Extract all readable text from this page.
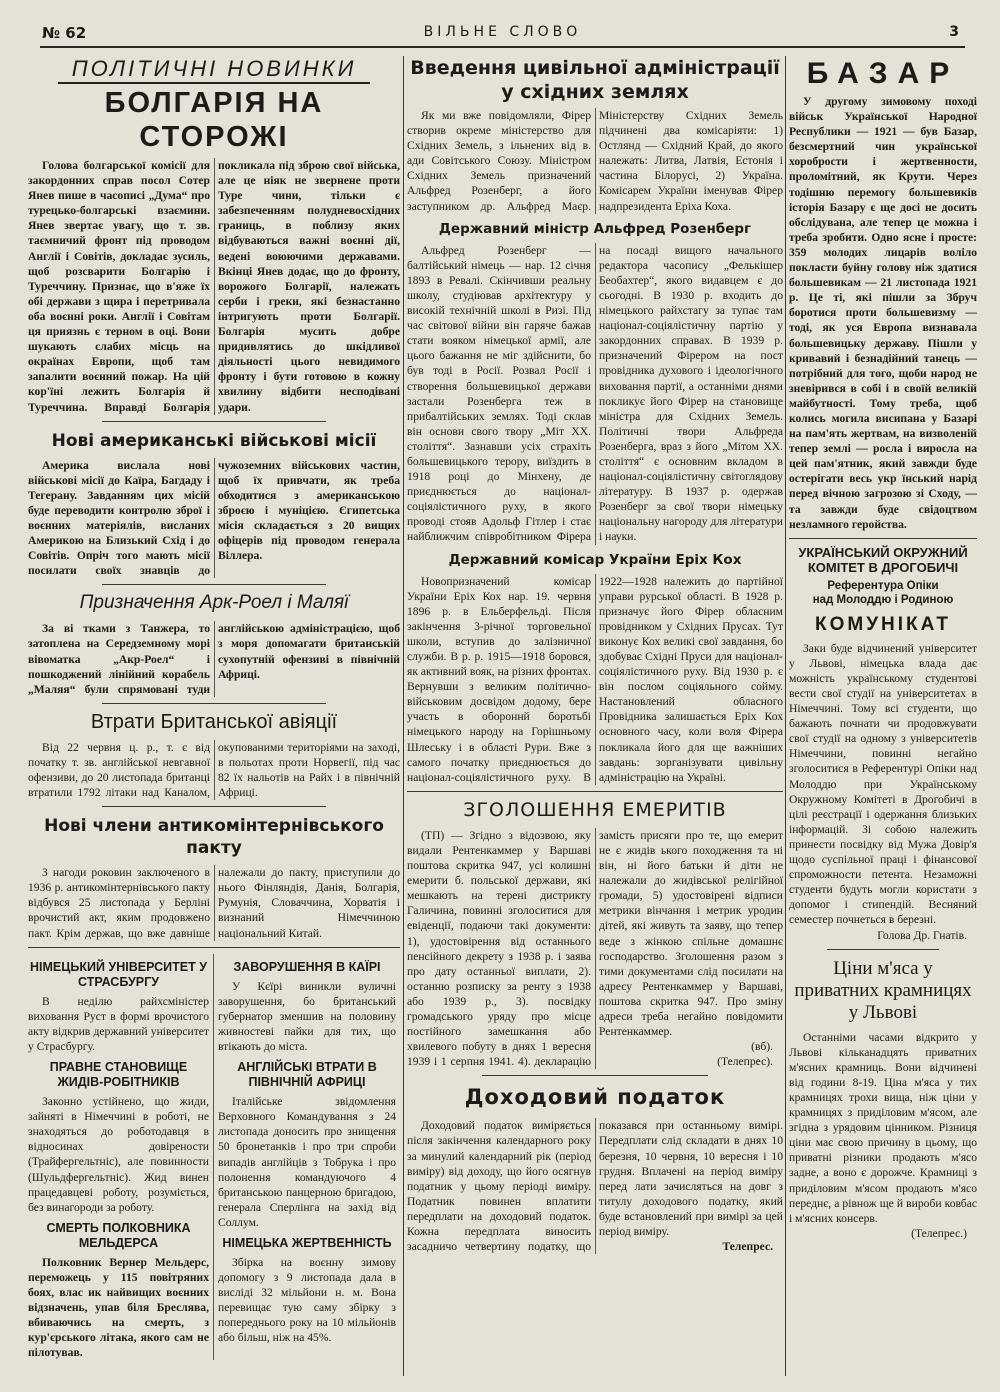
№ 62	ВІЛЬНЕ СЛОВО	3
ПОЛІТИЧНІ НОВИНКИ
БОЛГАРІЯ НА СТОРОЖІ

Голова болгарської комісії для закордонних справ посол Сотер Янев пише в часописі „Дума“ про турецько-болгарські взаємини. Янев звертає увагу, що т. зв. таємничий фронт під проводом Англії і Совітів, докладає зусиль, щоб розсварити Болгарію і Туреччину. Признає, що в'яже їх обі держави з щира і перетривала оба воєнні роки. Англії і Совітам ця приязнь є терном в оці. Вони шукають слабих місць на окраїнах Европи, щоб там запалити воєнний пожар. На цій кор'їні лежить Болгарія й Туреччина. Вправді Болгарія покликала під зброю свої війська, але це ніяк не звернене проти Туре чини, тільки є забезпеченням полудневосхідних границь, в поблизу яких відбуваються важні воєнні дії, ведені воюючими державами. Вкінці Янев додає, що до фронту, ворожого Болгарії, належать серби і греки, які безнастанно інтригують проти Болгарії. Болгарія мусить добре придивлятись до шкідливої діяльності цього невидимого фронту і бути готовою в кожну хвилину відбити несподівані удари.

Нові американські військові місії

Америка вислала нові військові місії до Каїра, Багдаду і Тегерану. Завданням цих місій буде переводити контролю зброї і воєнних матеріялів, висланих Америкою на Близький Схід і до Совітів. Опріч того мають місії посилати своїх знавців до чужоземних військових частин, щоб їх привчати, як треба обходитися з американською зброєю і муніцією. Єгипетська місія складається з 20 вищих офіцерів під проводом генерала Віллера.

Призначення Арк-Роел і Маляї

За ві тками з Танжера, то затоплена на Середземному морі вівоматка „Акр-Роел“ і пошкоджений лінійний корабель „Маляя“ були спрямовані туди англійською адміністрацією, щоб з моря допомагати британській сухопутній офензиві в північній Африці.

Втрати Британської авіяції

Від 22 червня ц. р., т. є від початку т. зв. англійської невгавної офензиви, до 20 листопада британці втратили 1792 літаки над Каналом, окупованими територіями на заході, в польотах проти Норвегії, під час 82 їх нальотів на Райх і в північній Африці.

Нові члени антикомінтернівського пакту

З нагоди роковин заключеного в 1936 р. антикомінтернівського пакту відбувся 25 листопада у Берліні врочистий акт, яким продовжено пакт. Крім держав, що вже давніше належали до пакту, приступили до нього Фінляндія, Данія, Болгарія, Румунія, Словаччина, Хорватія і визнаний Німеччиною національний Китай.

НІМЕЦЬКИЙ УНІВЕРСИТЕТ У СТРАСБУРГУ

В неділю райхсміністер виховання Руст в формі врочистого акту відкрив державний університет у Страсбургу.

ПРАВНЕ СТАНОВИЩЕ ЖИДІВ-РОБІТНИКІВ

Законно устійнено, що жиди, зайняті в Німеччині в роботі, не знаходяться до роботодавця в відносинах довірености (Трайфергельтніс), але повинности (Шульдфергельтніс). Жид винен працедавцеві роботу, розуміється, без винагороди за роботу.

СМЕРТЬ ПОЛКОВНИКА МЕЛЬДЕРСА

Полковник Вернер Мельдерс, переможець у 115 повітряних боях, влас ик найвищих воєнних відзначень, упав біля Бреслява, вбиваючись на смерть, з кур'єрського літака, якого сам не пілотував.

ЗАВОРУШЕННЯ В КАЇРІ

У Кєїрі виникли вуличні заворушення, бо британський губернатор зменшив на половину живностеві пайки для тих, що втікають до міста.

АНГЛІЙСЬКІ ВТРАТИ В ПІВНІЧНІЙ АФРИЦІ

Італійське звідомлення Верховного Командування з 24 листопада доносить про знищення 50 бронетанків і про три спроби випадів англійців з Тобрука і про полонення командуючого 4 британською панцерною бригадою, генерала Сперлінга на захід від Соллум.

НІМЕЦЬКА ЖЕРТВЕННІСТЬ

Збірка на воєнну зимову допомогу з 9 листопада дала в висліді 32 мільйони н. м. Вона перевищає тую саму збірку з попереднього року на 10 мільйонів або більш, ніж на 45%.

Введення цивільної адміністрації у східних землях

Як ми вже повідомляли, Фірер створив окреме міністерство для Східних Земель, з ільнених від в. ади Совітського Союзу. Міністром Східних Земель призначений Альфред Розенберг, а його заступником др. Альфред Маєр. Міністерству Східних Земель підчинені два комісаріяти: 1) Остлянд — Східний Край, до якого належать: Литва, Латвія, Естонія і частина Білорусі, 2) Україна. Комісарем України іменував Фірер надпрезидента Еріха Коха.

Державний міністр Альфред Розенберг

Альфред Розенберг — балтійський німець — нар. 12 січня 1893 в Ревалі. Скінчивши реальну школу, студіював архітектуру у високій технічній школі в Ризі. Під час світової війни він гаряче бажав стати вояком німецької армії, але цього бажання не міг здійснити, бо був тоді в Росії. Розвал Росії і створення большевицької держави застали Розенберга теж в прибалтійських землях. Тоді склав він основи свого твору „Міт ХХ. століття“. Зазнавши усіх страхіть большевицького терору, виїздить в 1918 році до Мінхену, де приєднюється до націонал-соціялістичного руху, в якого проводі стояв Адольф Гітлер і стає найближчим співробітником Фірера на посаді вищого начального редактора часопису „Фелькішер Беобахтер“, якого видавцем є до сьогодні. В 1930 р. входить до німецького райхстагу за тупає там націонал-соціялістичну партію у закордонних справах. В 1939 р. призначений Фірером на пост провідника духового і ідеологічного виховання партії, а останніми днями покликує його Фірер на становище міністра для Східних Земель. Політичні твори Альфреда Розенберга, враз з його „Мітом ХХ. століття“ є основним вкладом в націонал-соціялістичну світоглядову літературу. В 1937 р. одержав Розенберг за свої твори німецьку національну нагороду для літератури і науки.

Державний комісар України Еріх Кох

Новопризначений комісар України Еріх Кох нар. 19. червня 1896 р. в Ельберфельді. Після закінчення 3-річної торговельної школи, вступив до залізничної служби. В р. р. 1915—1918 боровся, як активний вояк, на різних фронтах. Вернувши з великим політично-військовим досвідом додому, бере участь в обороннй боротьбі німецького народу на Горішньому Шлеську і в області Рури. Вже з самого початку приєднюється до націонал-соціялістичного руху. В 1922—1928 належить до партійної управи рурської області. В 1928 р. призначує його Фірер обласним провідником у Східних Прусах. Тут виконує Кох великі свої завдання, бо здобуває Східні Пруси для націонал-соціялістичного руху. Від 1930 р. є він послом соціяльного сойму. Настановлений обласного Провідника залишається Еріх Кох основного часу, коли воля Фірера покликала його для ще важніших завдань: зорганізувати цивільну адміністрацію на Україні.

ЗГОЛОШЕННЯ ЕМЕРИТІВ

(ТП) — Згідно з відозвою, яку видали Рентенкаммер у Варшаві поштова скритка 947, усі колишні емерити б. польської держави, які мешкають на терені дистрикту Галичина, повинні зголоситися для евіденції, подаючи такі документи: 1), удостовірення від останнього пенсійного декрету з 1938 р. і заява про дату останньої виплати, 2). останню розписку за ренту з 1938 або 1939 р., 3). посвідку громадського уряду про місце постійного замешкання або хвилевого побуту в днях 1 вересня 1939 і 1 серпня 1941. 4). декларацію замість присяги про те, що емерит не є жидів ького походження та ні він, ні його батьки й діти не належали до жидівської релігійної громади, 5) удостовірені відписи метрики вінчання і метрик уродин дітей, які живуть та заяву, що тепер веде з жінкою спільне домашнє господарство. Зголошення разом з тими документами слід посилати на адресу Рентенкаммер у Варшаві, поштова скритка 947. Про зміну адреси треба негайно повідомити Рентенкаммер.

(вб).
(Телепрес).
Доходовий податок

Доходовий податок виміряється після закінчення календарного року за минулий календарний рік (період виміру) від доходу, що його осягнув податник у цьому періоді виміру. Податник повинен вплатити передплати на доходовий податок. Кожна передплата виносить засадничо четвертину податку, що показався при останньому вимірі. Передплати слід складати в днях 10 березня, 10 червня, 10 вересня і 10 грудня. Вплачені на період виміру перед лати зачисляться на довг з титулу доходового податку, який буде встановлений при вимірі за цей період виміру.

Телепрес.
БАЗАР

У другому зимовому поході військ Української Народної Республики — 1921 — був Базар, безсмертний чин української хоробрости і жертвенности, проломітний, як Крути. Через тодішню перемогу большевиків історія Базару є ще досі не досить обслідувана, але тепер це можна і треба зробити. Одно ясне і просте: 359 молодих лицарів воліло покласти буйну голову ніж здатися большевикам — 21 листопада 1921 р. Це ті, які пішли за Збруч боротися проти большевизму — тоді, як уся Европа визнавала большевицьку державу. Пішли у кривавий і безнадійний танець — потрібний для того, щоби народ не зневірився в собі і в своїй великій майбутності. Тому треба, щоб колись могила висипана у Базарі на пам'ять жертвам, на визволеній тепер землі — росла і виросла на цей пам'ятник, який завжди буде остерігати весь укр їнський нарід перед вічною загрозою зі Сходу, — та завжди буде свідоцтвом незламного геройства.

УКРАЇНСЬКИЙ ОКРУЖНИЙ КОМІТЕТ В ДРОГОБИЧІ
Референтура Опіки
над Молоддю і Родиною
КОМУНІКАТ

Заки буде відчинений університет у Львові, німецька влада дає можність українському студентові вести свої студії на університетах в Німеччині. Тому всі студенти, що бажають почнати чи продовжувати свої студії на одному з університетів Німеччини, повинні негайно зголоситися в Референтурі Опіки над Молоддю при Українському Окружному Комітеті в Дрогобичі в цілі реєстрації і одержання близьких інформацій. Зі собою належить принести посвідку від Мужа Довір'я щодо суспільної праці і фінансової спроможности петента. Незаможні студенти будуть могли користати з допомог і стипендій. Весняний семестер почнеться в березні.

Голова Др. Гнатів.
Ціни м'яса у приватних крамницях у Львові

Останніми часами відкрито у Львові кільканадцять приватних м'ясних крамниць. Вони відчинені від години 8-19. Ціна м'яса у тих крамницях трохи вища, ніж ціни у крамницях з приділовим м'ясом, але згідна з урядовим цінником. Різниця ціни має свою причину в цьому, що приватні різники продають м'ясо задне, а воно є дорожче. Крамниці з приділовим м'ясом продають м'ясо переднє, а рівнож ще й вироби ковбас і м'ясних консерв.

(Телепрес.)
